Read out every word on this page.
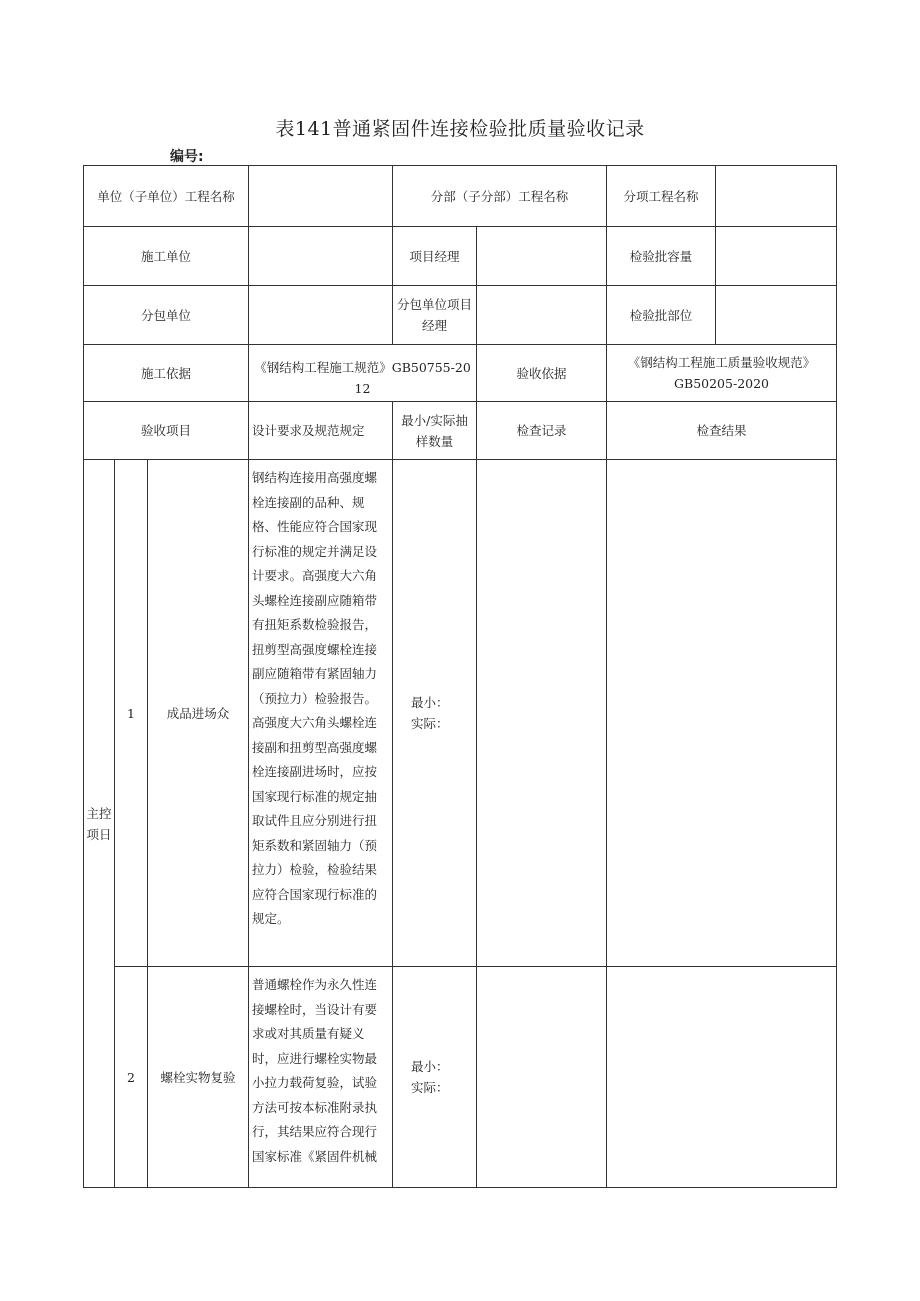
表141普通紧固件连接检验批质量验收记录
编号:
单位（子单位）工程名称				分部（子分部）工程名称		分项工程名称	
施工单位				项目经理		检验批容量	
分包单位				分包单位项目经理		检验批部位	
施工依据			《钢结构工程施工规范》GB50755-2012		验收依据	《钢结构工程施工质量验收规范》
GB50205-2020	

验收项目			设计要求及规范规定	最小/实际抽样数量	检查记录	检查结果	
主控项日	1	成品进场众	钢结构连接用高强度螺栓连接副的品种、规格、性能应符合国家现行标准的规定并满足设计要求。高强度大六角头螺栓连接副应随箱带有扭矩系数检验报告，扭剪型高强度螺栓连接副应随箱带有紧固轴力（预拉力）检验报告。高强度大六角头螺栓连接副和扭剪型高强度螺栓连接副进场时，应按国家现行标准的规定抽取试件且应分别进行扭矩系数和紧固轴力（预拉力）检验，检验结果应符合国家现行标准的规定。	最小：实际：			
	2	螺栓实物复验	普通螺栓作为永久性连接螺栓时，当设计有要求或对其质量有疑义时，应进行螺栓实物最小拉力载荷复验，试验方法可按本标准附录执行，其结果应符合现行国家标准《紧固件机械	最小：
实际：			
